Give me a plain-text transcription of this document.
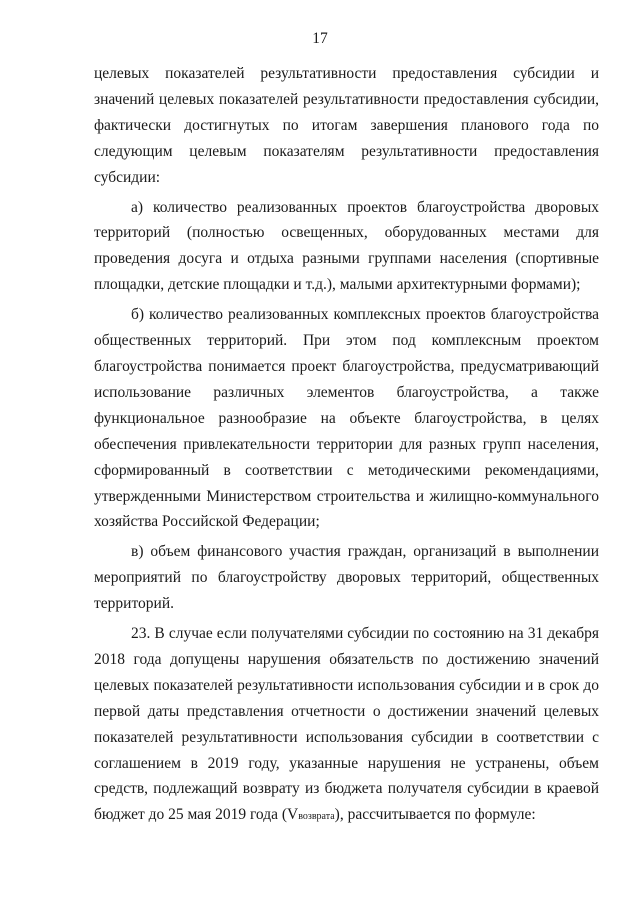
17

целевых показателей результативности предоставления субсидии и значений целевых показателей результативности предоставления субсидии, фактически достигнутых по итогам завершения планового года по следующим целевым показателям результативности предоставления субсидии:

а) количество реализованных проектов благоустройства дворовых территорий (полностью освещенных, оборудованных местами для проведения досуга и отдыха разными группами населения (спортивные площадки, детские площадки и т.д.), малыми архитектурными формами);

б) количество реализованных комплексных проектов благоустройства общественных территорий. При этом под комплексным проектом благоустройства понимается проект благоустройства, предусматривающий использование различных элементов благоустройства, а также функциональное разнообразие на объекте благоустройства, в целях обеспечения привлекательности территории для разных групп населения, сформированный в соответствии с методическими рекомендациями, утвержденными Министерством строительства и жилищно-коммунального хозяйства Российской Федерации;

в) объем финансового участия граждан, организаций в выполнении мероприятий по благоустройству дворовых территорий, общественных территорий.

23. В случае если получателями субсидии по состоянию на 31 декабря 2018 года допущены нарушения обязательств по достижению значений целевых показателей результативности использования субсидии и в срок до первой даты представления отчетности о достижении значений целевых показателей результативности использования субсидии в соответствии с соглашением в 2019 году, указанные нарушения не устранены, объем средств, подлежащий возврату из бюджета получателя субсидии в краевой бюджет до 25 мая 2019 года (Vвозврата), рассчитывается по формуле:
